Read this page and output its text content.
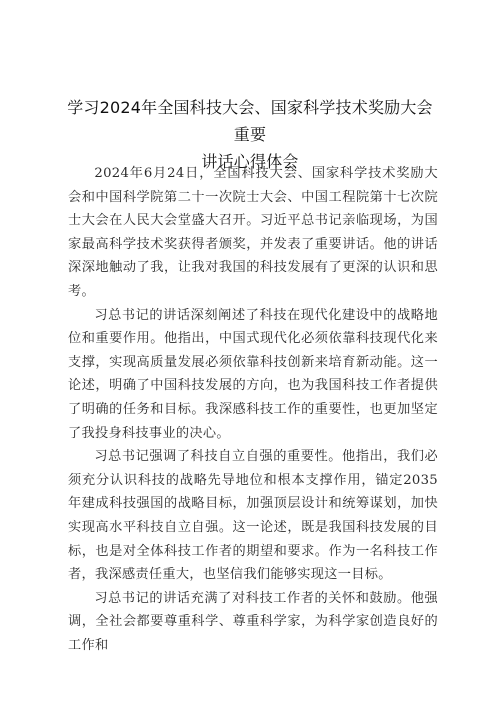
学习2024年全国科技大会、国家科学技术奖励大会重要
讲话心得体会

2024年6月24日，全国科技大会、国家科学技术奖励大会和中国科学院第二十一次院士大会、中国工程院第十七次院士大会在人民大会堂盛大召开。习近平总书记亲临现场，为国家最高科学技术奖获得者颁奖，并发表了重要讲话。他的讲话深深地触动了我，让我对我国的科技发展有了更深的认识和思考。

习总书记的讲话深刻阐述了科技在现代化建设中的战略地位和重要作用。他指出，中国式现代化必须依靠科技现代化来支撑，实现高质量发展必须依靠科技创新来培育新动能。这一论述，明确了中国科技发展的方向，也为我国科技工作者提供了明确的任务和目标。我深感科技工作的重要性，也更加坚定了我投身科技事业的决心。

习总书记强调了科技自立自强的重要性。他指出，我们必须充分认识科技的战略先导地位和根本支撑作用，锚定2035年建成科技强国的战略目标，加强顶层设计和统筹谋划，加快实现高水平科技自立自强。这一论述，既是我国科技发展的目标，也是对全体科技工作者的期望和要求。作为一名科技工作者，我深感责任重大，也坚信我们能够实现这一目标。

习总书记的讲话充满了对科技工作者的关怀和鼓励。他强调，全社会都要尊重科学、尊重科学家，为科学家创造良好的工作和
